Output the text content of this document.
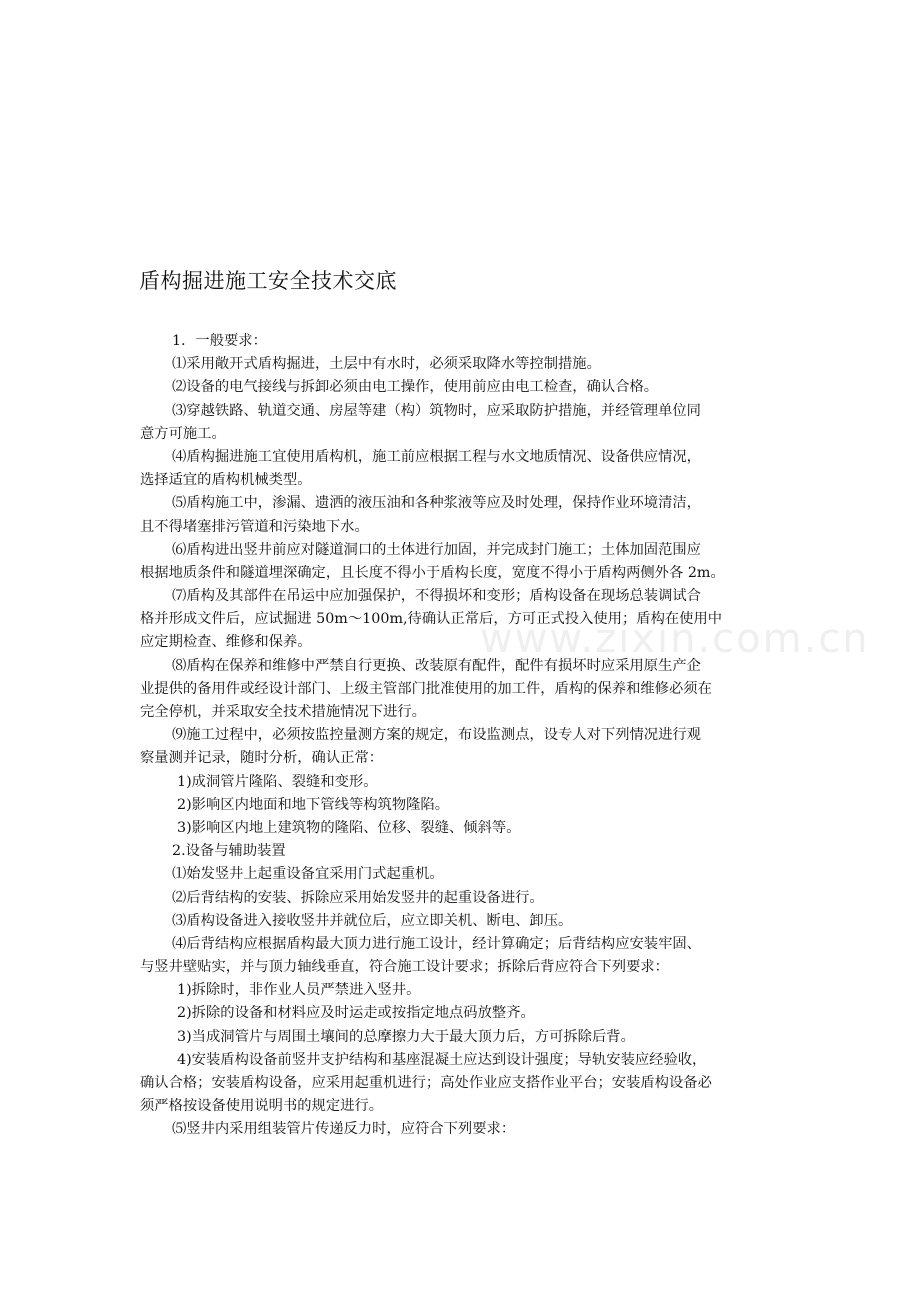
盾构掘进施工安全技术交底
www.zixin.com.cn
1．一般要求：
⑴采用敞开式盾构掘进，土层中有水时，必须采取降水等控制措施。
⑵设备的电气接线与拆卸必须由电工操作，使用前应由电工检查，确认合格。
⑶穿越铁路、轨道交通、房屋等建（构）筑物时，应采取防护措施，并经管理单位同
意方可施工。
⑷盾构掘进施工宜使用盾构机，施工前应根据工程与水文地质情况、设备供应情况，
选择适宜的盾构机械类型。
⑸盾构施工中，渗漏、遗洒的液压油和各种浆液等应及时处理，保持作业环境清洁，
且不得堵塞排污管道和污染地下水。
⑹盾构进出竖井前应对隧道洞口的土体进行加固，并完成封门施工；土体加固范围应
根据地质条件和隧道埋深确定，且长度不得小于盾构长度，宽度不得小于盾构两侧外各 2m。
⑺盾构及其部件在吊运中应加强保护，不得损坏和变形；盾构设备在现场总装调试合
格并形成文件后，应试掘进 50m～100m,待确认正常后，方可正式投入使用；盾构在使用中
应定期检查、维修和保养。
⑻盾构在保养和维修中严禁自行更换、改装原有配件，配件有损坏时应采用原生产企
业提供的备用件或经设计部门、上级主管部门批准使用的加工件，盾构的保养和维修必须在
完全停机，并采取安全技术措施情况下进行。
⑼施工过程中，必须按监控量测方案的规定，布设监测点，设专人对下列情况进行观
察量测并记录，随时分析，确认正常：
1)成洞管片隆陷、裂缝和变形。
2)影响区内地面和地下管线等构筑物隆陷。
3)影响区内地上建筑物的隆陷、位移、裂缝、倾斜等。
2.设备与辅助装置
⑴始发竖井上起重设备宜采用门式起重机。
⑵后背结构的安装、拆除应采用始发竖井的起重设备进行。
⑶盾构设备进入接收竖井并就位后，应立即关机、断电、卸压。
⑷后背结构应根据盾构最大顶力进行施工设计，经计算确定；后背结构应安装牢固、
与竖井壁贴实，并与顶力轴线垂直，符合施工设计要求；拆除后背应符合下列要求：
1)拆除时，非作业人员严禁进入竖井。
2)拆除的设备和材料应及时运走或按指定地点码放整齐。
3)当成洞管片与周围土壤间的总摩擦力大于最大顶力后，方可拆除后背。
4)安装盾构设备前竖井支护结构和基座混凝土应达到设计强度；导轨安装应经验收，
确认合格；安装盾构设备，应采用起重机进行；高处作业应支搭作业平台；安装盾构设备必
须严格按设备使用说明书的规定进行。
⑸竖井内采用组装管片传递反力时，应符合下列要求：
